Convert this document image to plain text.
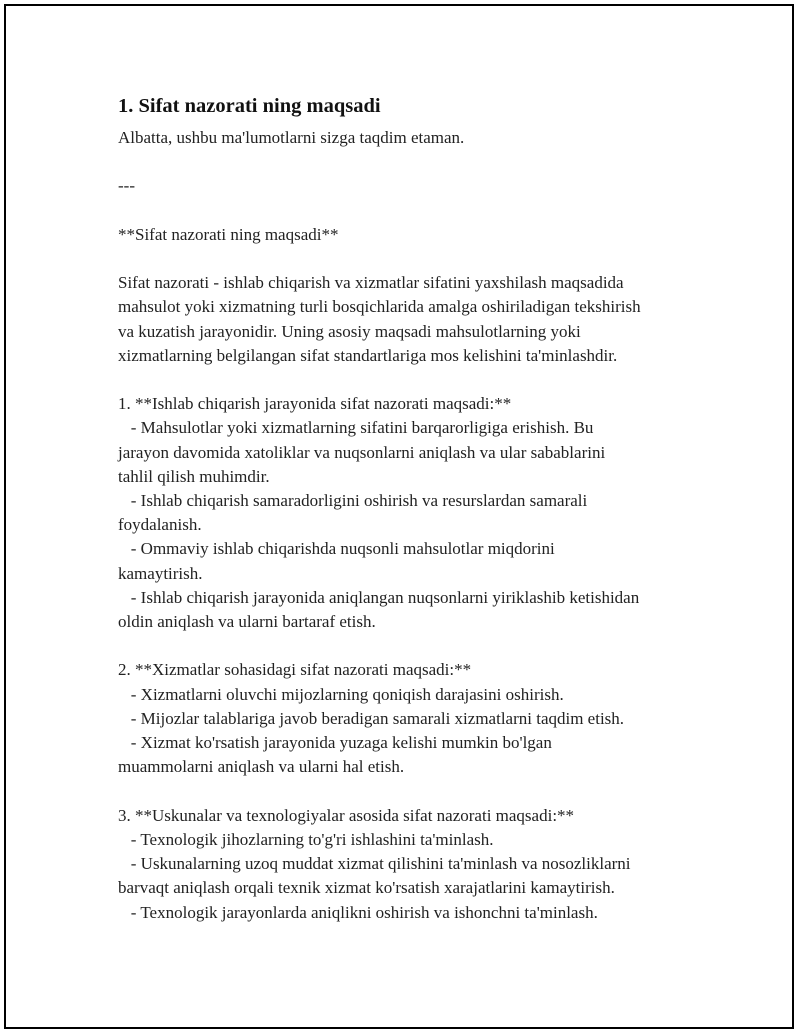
1. Sifat nazorati ning maqsadi

Albatta, ushbu ma'lumotlarni sizga taqdim etaman.

---

**Sifat nazorati ning maqsadi**

Sifat nazorati - ishlab chiqarish va xizmatlar sifatini yaxshilash maqsadida
mahsulot yoki xizmatning turli bosqichlarida amalga oshiriladigan tekshirish
va kuzatish jarayonidir. Uning asosiy maqsadi mahsulotlarning yoki
xizmatlarning belgilangan sifat standartlariga mos kelishini ta'minlashdir.

1. **Ishlab chiqarish jarayonida sifat nazorati maqsadi:**
- Mahsulotlar yoki xizmatlarning sifatini barqarorligiga erishish. Bu
jarayon davomida xatoliklar va nuqsonlarni aniqlash va ular sabablarini
tahlil qilish muhimdir.
- Ishlab chiqarish samaradorligini oshirish va resurslardan samarali
foydalanish.
- Ommaviy ishlab chiqarishda nuqsonli mahsulotlar miqdorini
kamaytirish.
- Ishlab chiqarish jarayonida aniqlangan nuqsonlarni yiriklashib ketishidan
oldin aniqlash va ularni bartaraf etish.

2. **Xizmatlar sohasidagi sifat nazorati maqsadi:**
- Xizmatlarni oluvchi mijozlarning qoniqish darajasini oshirish.
- Mijozlar talablariga javob beradigan samarali xizmatlarni taqdim etish.
- Xizmat ko'rsatish jarayonida yuzaga kelishi mumkin bo'lgan
muammolarni aniqlash va ularni hal etish.

3. **Uskunalar va texnologiyalar asosida sifat nazorati maqsadi:**
- Texnologik jihozlarning to'g'ri ishlashini ta'minlash.
- Uskunalarning uzoq muddat xizmat qilishini ta'minlash va nosozliklarni
barvaqt aniqlash orqali texnik xizmat ko'rsatish xarajatlarini kamaytirish.
- Texnologik jarayonlarda aniqlikni oshirish va ishonchni ta'minlash.
